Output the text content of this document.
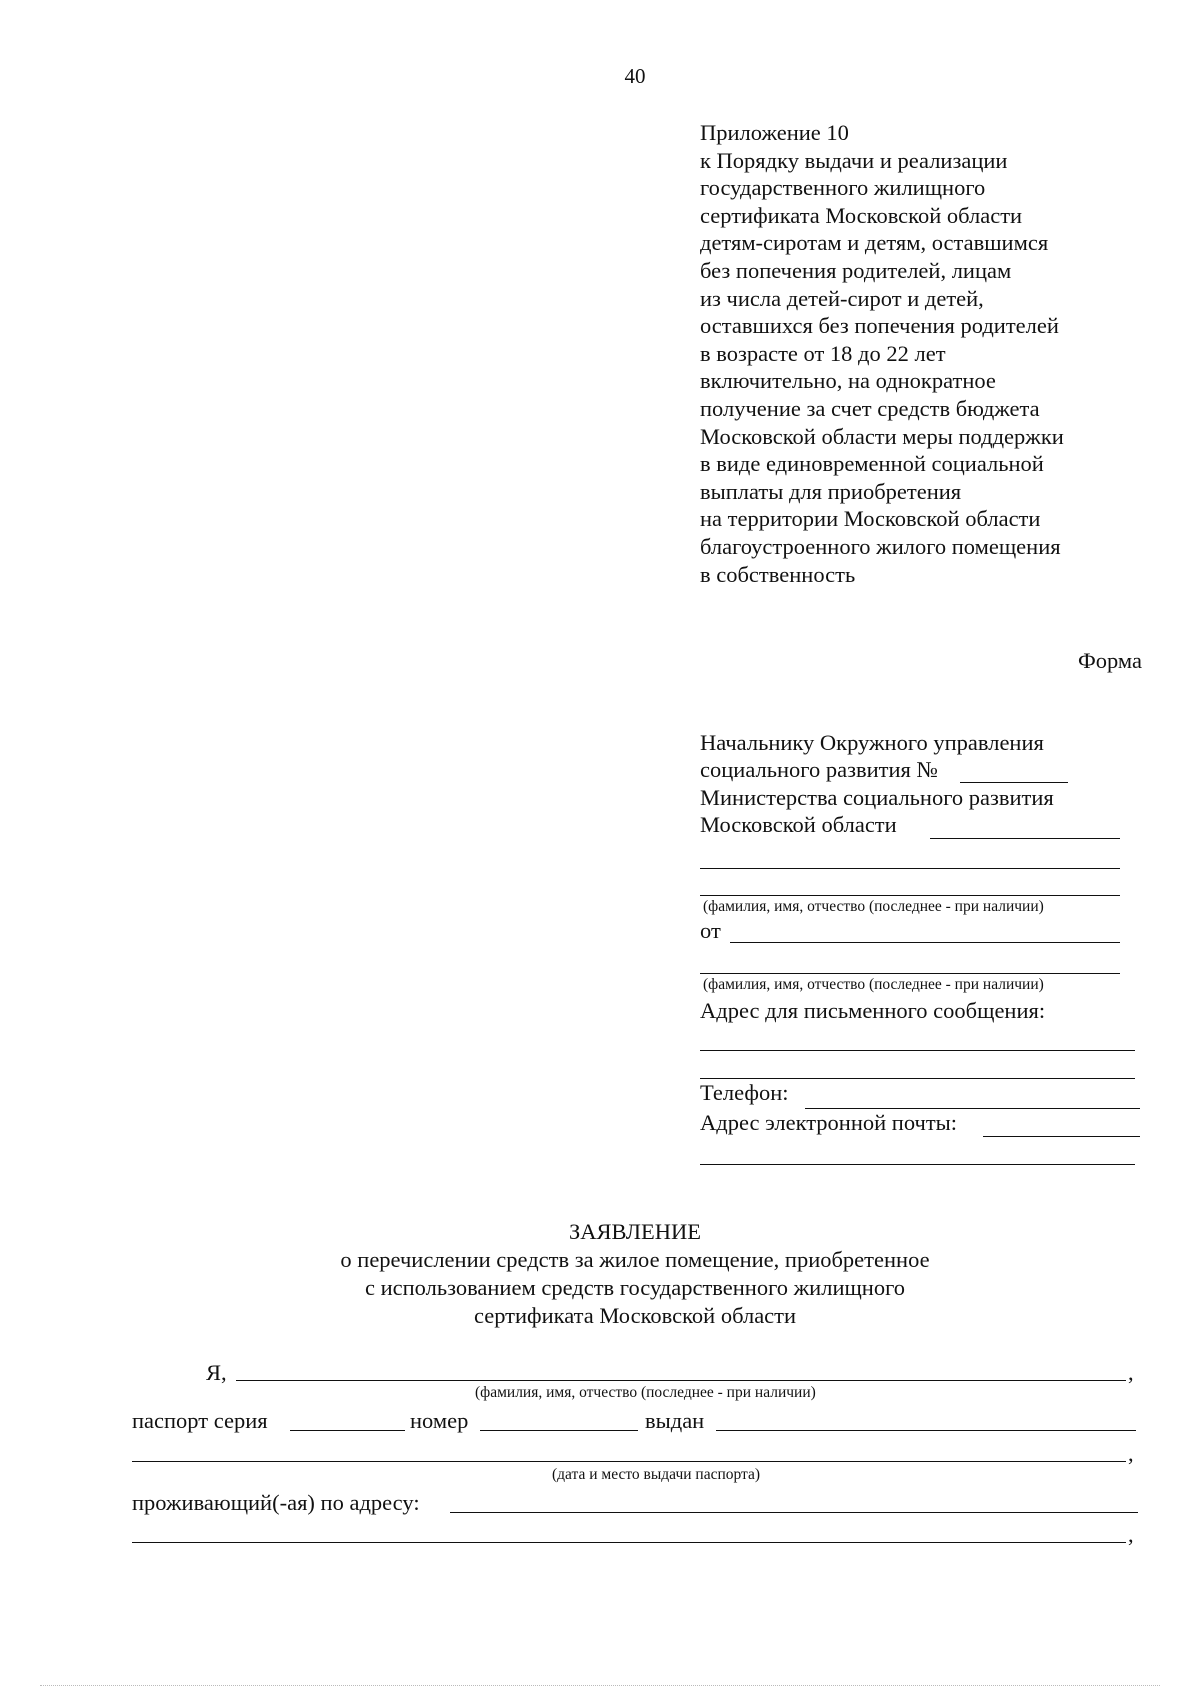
40
Приложение 10
к Порядку выдачи и реализации
государственного жилищного
сертификата Московской области
детям-сиротам и детям, оставшимся
без попечения родителей, лицам
из числа детей-сирот и детей,
оставшихся без попечения родителей
в возрасте от 18 до 22 лет
включительно, на однократное
получение за счет средств бюджета
Московской области меры поддержки
в виде единовременной социальной
выплаты для приобретения
на территории Московской области
благоустроенного жилого помещения
в собственность
Форма
Начальнику Окружного управления
социального развития №
Министерства социального развития
Московской области
(фамилия, имя, отчество (последнее - при наличии)
от
(фамилия, имя, отчество (последнее - при наличии)
Адрес для письменного сообщения:
Телефон:
Адрес электронной почты:
ЗАЯВЛЕНИЕ
о перечислении средств за жилое помещение, приобретенное
с использованием средств государственного жилищного
сертификата Московской области
Я,	,
(фамилия, имя, отчество (последнее - при наличии)
паспорт серия	номер	выдан
,
(дата и место выдачи паспорта)
проживающий(-ая) по адресу:
,
